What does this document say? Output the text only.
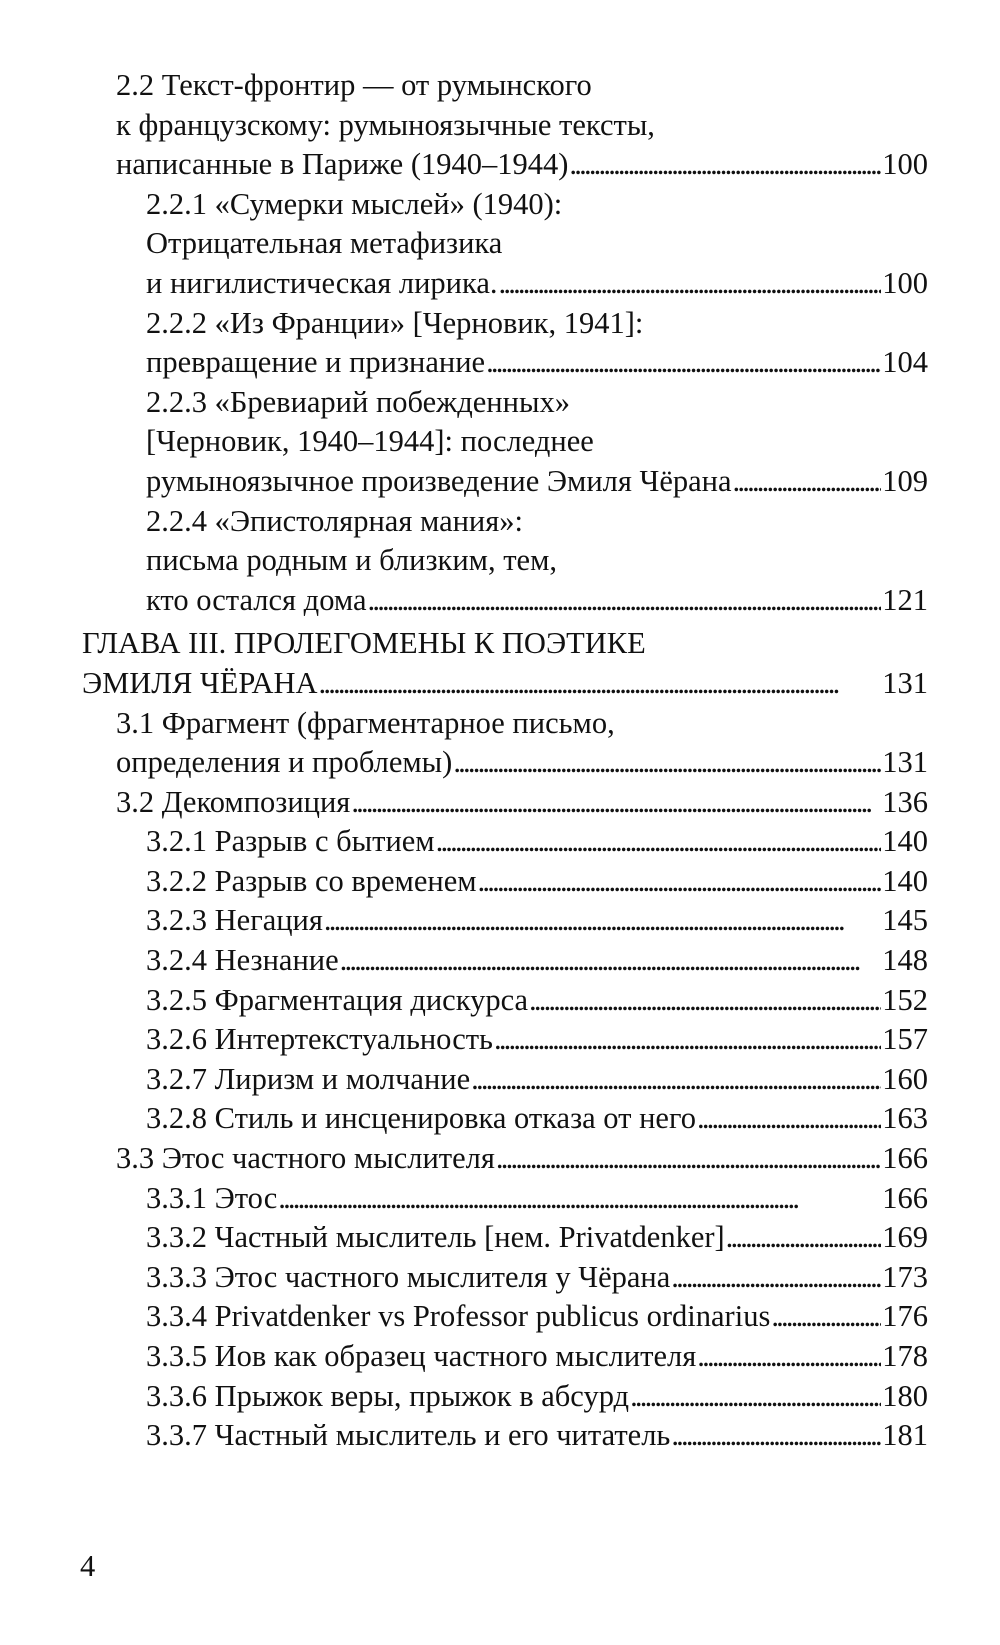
2.2 Текст-фронтир — от румынского
к французскому: румыноязычные тексты,
написанные в Париже (1940–1944) . . .	100
2.2.1 «Сумерки мыслей» (1940):
Отрицательная метафизика
и нигилистическая лирика. . . .	100
2.2.2 «Из Франции» [Черновик, 1941]:
превращение и признание . . .	104
2.2.3 «Бревиарий побежденных»
[Черновик, 1940–1944]: последнее
румыноязычное произведение Эмиля Чёрана . . .	109
2.2.4 «Эпистолярная мания»:
письма родным и близким, тем,
кто остался дома . . .	121
ГЛАВА III. ПРОЛЕГОМЕНЫ К ПОЭТИКЕ
ЭМИЛЯ ЧЁРАНА . . .	131
3.1 Фрагмент (фрагментарное письмо,
определения и проблемы) . . .	131
3.2 Декомпозиция . . .	136
3.2.1 Разрыв с бытием . . .	140
3.2.2 Разрыв со временем . . .	140
3.2.3 Негация . . .	145
3.2.4 Незнание . . .	148
3.2.5 Фрагментация дискурса . . .	152
3.2.6 Интертекстуальность . . .	157
3.2.7 Лиризм и молчание . . .	160
3.2.8 Стиль и инсценировка отказа от него . . .	163
3.3 Этос частного мыслителя . . .	166
3.3.1 Этос . . .	166
3.3.2 Частный мыслитель [нем. Privatdenker] . . .	169
3.3.3 Этос частного мыслителя у Чёрана . . .	173
3.3.4 Privatdenker vs Professor publicus ordinarius . . .	176
3.3.5 Иов как образец частного мыслителя . . .	178
3.3.6 Прыжок веры, прыжок в абсурд . . .	180
3.3.7 Частный мыслитель и его читатель . . .	181
4
